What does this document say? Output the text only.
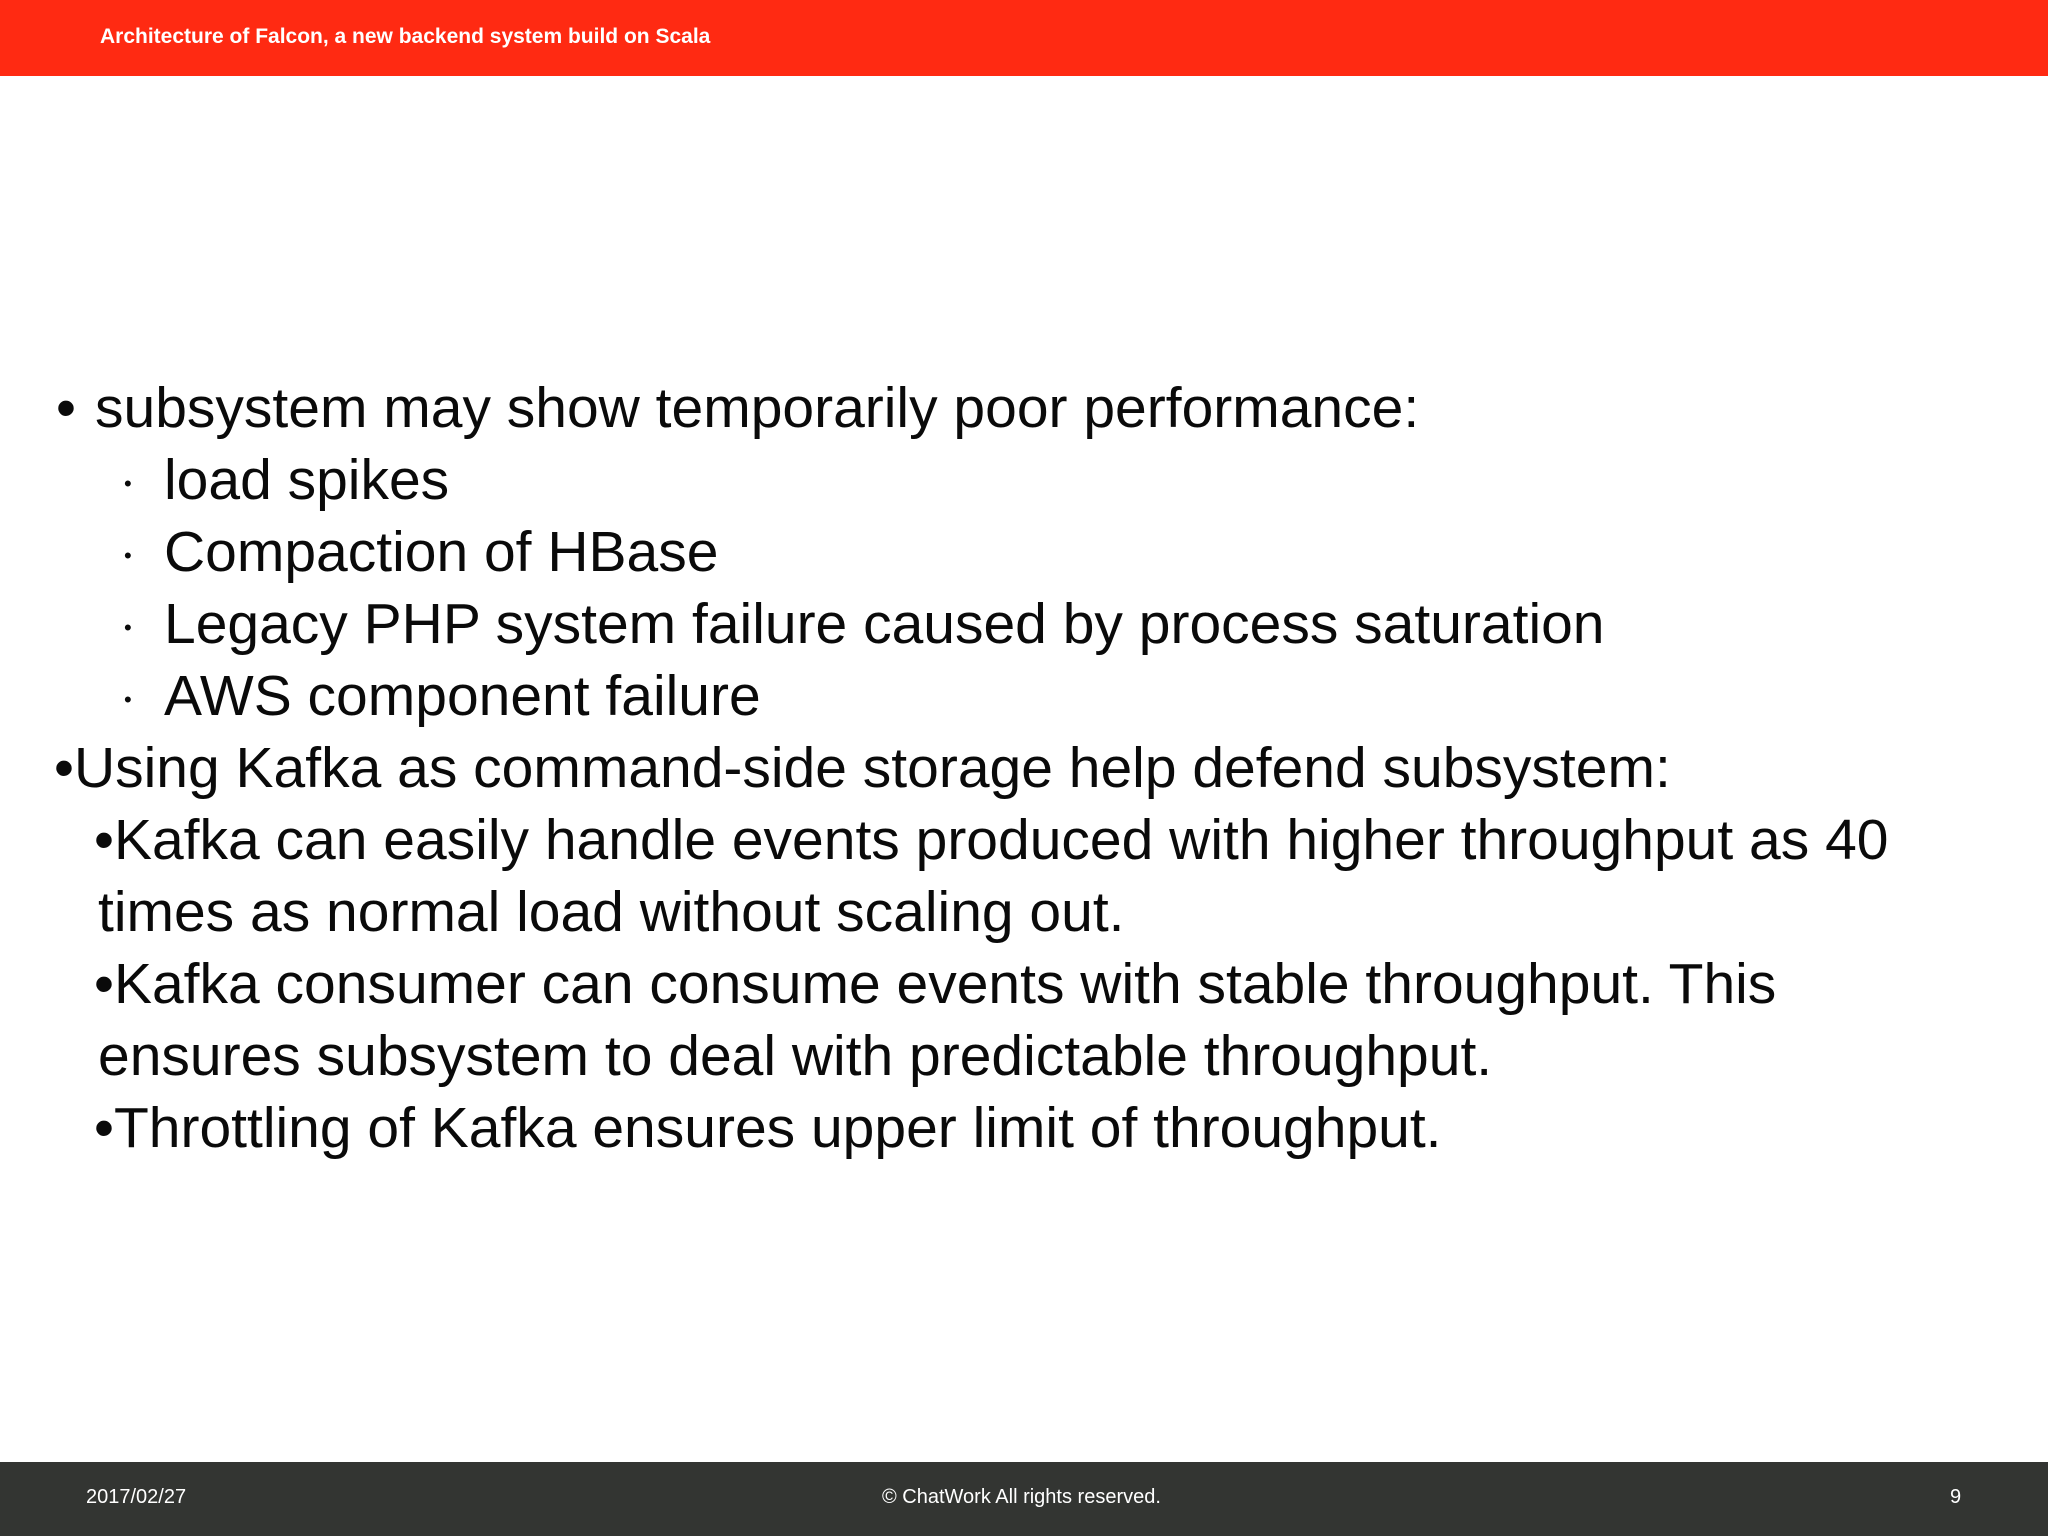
Architecture of Falcon, a new backend system build on Scala
• subsystem may show temporarily poor performance:
• load spikes
• Compaction of HBase
• Legacy PHP system failure caused by process saturation
• AWS component failure
•Using Kafka as command-side storage help defend subsystem:
•Kafka can easily handle events produced with higher throughput as 40
times as normal load without scaling out.
•Kafka consumer can consume events with stable throughput. This
ensures subsystem to deal with predictable throughput.
•Throttling of Kafka ensures upper limit of throughput.
2017/02/27	© ChatWork All rights reserved.	9
